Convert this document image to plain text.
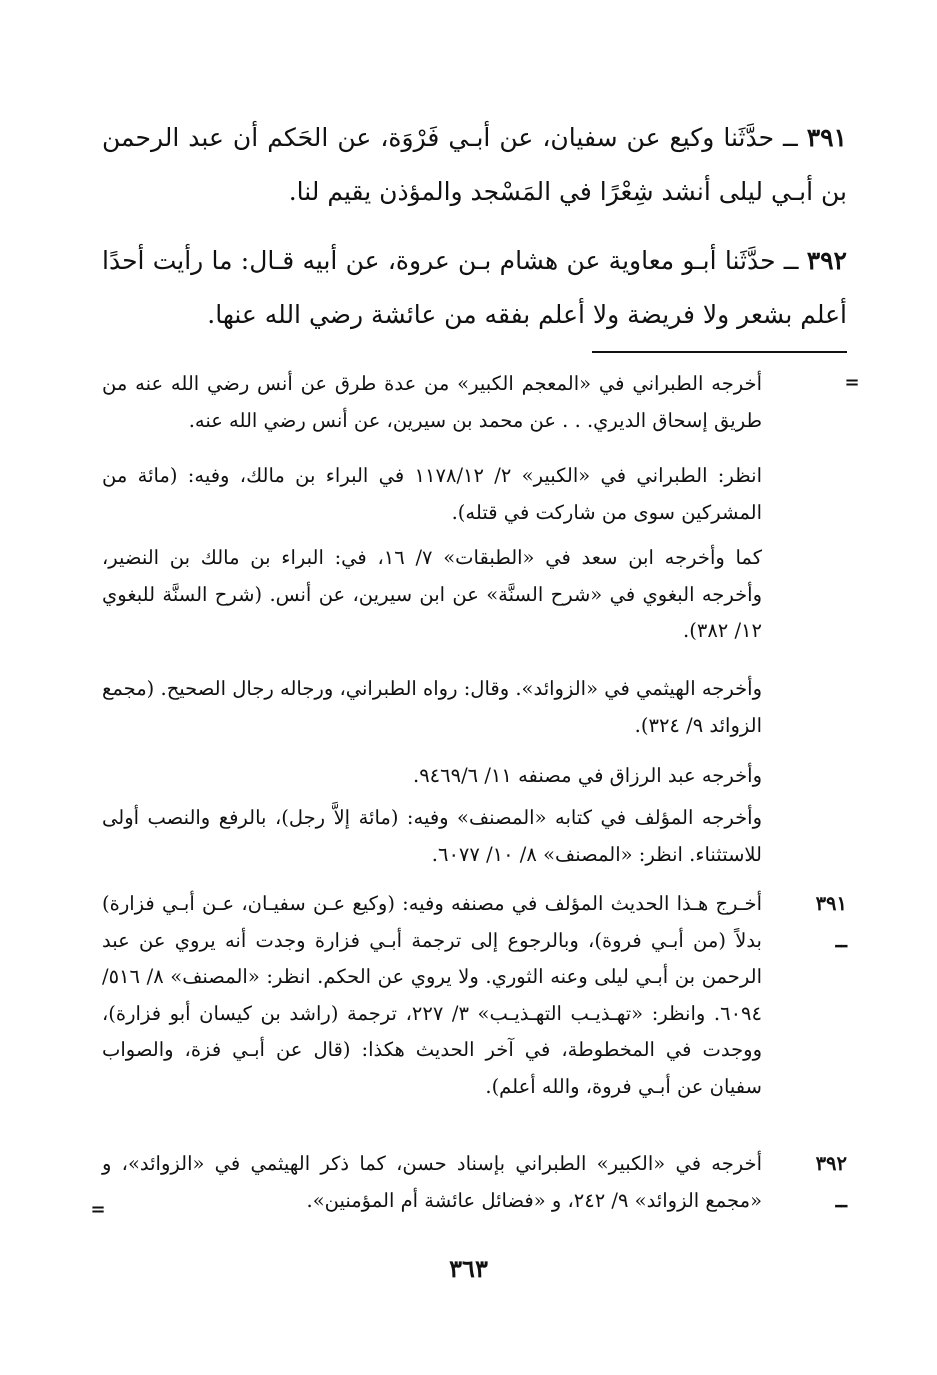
٣٩١ ــ حدَّثَنا وكيع عن سفيان، عن أبـي فَرْوَة، عن الحَكم أن عبد الرحمن بن أبـي ليلى أنشد شِعْرًا في المَسْجد والمؤذن يقيم لنا.

٣٩٢ ــ حدَّثَنا أبـو معاوية عن هشام بـن عروة، عن أبيه قـال: ما رأيت أحدًا أعلم بشعر ولا فريضة ولا أعلم بفقه من عائشة رضي الله عنها.

=

أخرجه الطبراني في «المعجم الكبير» من عدة طرق عن أنس رضي الله عنه من طريق إسحاق الديري. . . عن محمد بن سيرين، عن أنس رضي الله عنه.

انظر: الطبراني في «الكبير» ٢/ ١١٧٨/١٢ في البراء بن مالك، وفيه: (مائة من المشركين سوى من شاركت في قتله).

كما وأخرجه ابن سعد في «الطبقات» ٧/ ١٦، في: البراء بن مالك بن النضير، وأخرجه البغوي في «شرح السنَّة» عن ابن سيرين، عن أنس. (شرح السنَّة للبغوي ١٢/ ٣٨٢).

وأخرجه الهيثمي في «الزوائد». وقال: رواه الطبراني، ورجاله رجال الصحيح. (مجمع الزوائد ٩/ ٣٢٤).

وأخرجه عبد الرزاق في مصنفه ١١/ ٩٤٦٩/٦.

وأخرجه المؤلف في كتابه «المصنف» وفيه: (مائة إلاَّ رجل)، بالرفع والنصب أولى للاستثناء. انظر: «المصنف» ٨/ ١٠/ ٦٠٧٧.

٣٩١ ــ

أخـرج هـذا الحديث المؤلف في مصنفه وفيه: (وكيع عـن سفيـان، عـن أبـي فزارة) بدلاً (من أبـي فروة)، وبالرجوع إلى ترجمة أبـي فزارة وجدت أنه يروي عن عبد الرحمن بن أبـي ليلى وعنه الثوري. ولا يروي عن الحكم. انظر: «المصنف» ٨/ ٥١٦/ ٦٠٩٤. وانظر: «تهـذيـب التهـذيـب» ٣/ ٢٢٧، ترجمة (راشد بن كيسان أبو فزارة)، ووجدت في المخطوطة، في آخر الحديث هكذا: (قال عن أبـي فزة، والصواب سفيان عن أبـي فروة، والله أعلم).

٣٩٢ ــ

أخرجه في «الكبير» الطبراني بإسناد حسن، كما ذكر الهيثمي في «الزوائد»، و «مجمع الزوائد» ٩/ ٢٤٢، و «فضائل عائشة أم المؤمنين».

=
٣٦٣
